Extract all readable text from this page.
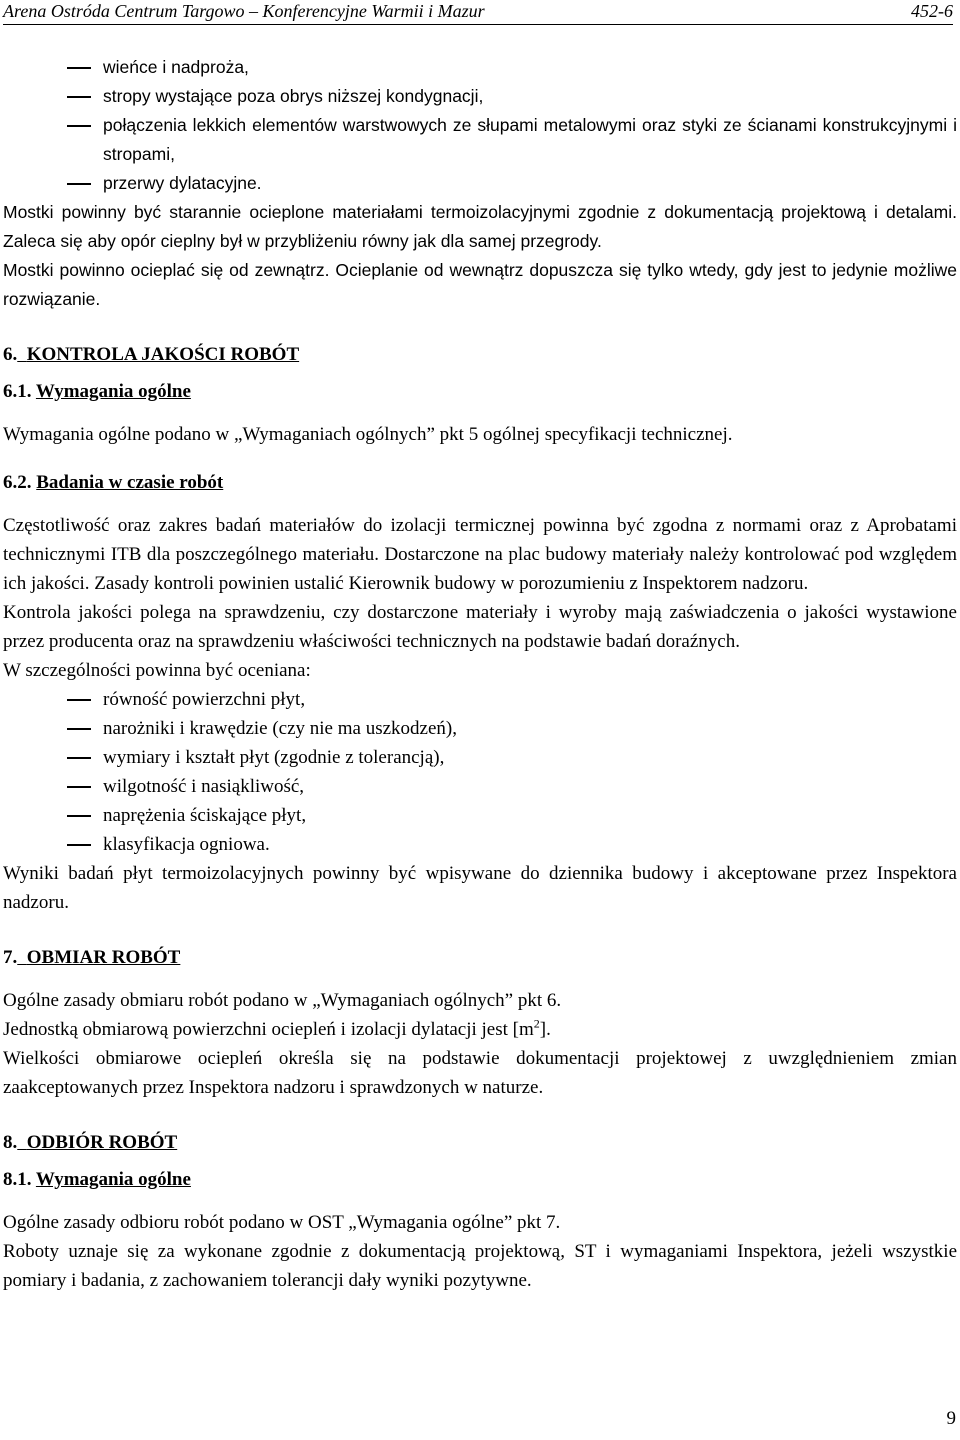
Arena Ostróda Centrum Targowo – Konferencyjne Warmii i Mazur	452-6
wieńce i nadproża,
stropy wystające poza obrys niższej kondygnacji,
połączenia lekkich elementów warstwowych ze słupami metalowymi oraz styki ze ścianami konstrukcyjnymi i stropami,
przerwy dylatacyjne.

Mostki powinny być starannie ocieplone materiałami termoizolacyjnymi zgodnie z dokumentacją projektową i detalami. Zaleca się aby opór cieplny był w przybliżeniu równy jak dla samej przegrody.

Mostki powinno ocieplać się od zewnątrz. Ocieplanie od wewnątrz dopuszcza się tylko wtedy, gdy jest to jedynie możliwe rozwiązanie.

6. KONTROLA JAKOŚCI ROBÓT
6.1. Wymagania ogólne

Wymagania ogólne podano w „Wymaganiach ogólnych” pkt 5 ogólnej specyfikacji technicznej.

6.2. Badania w czasie robót

Częstotliwość oraz zakres badań materiałów do izolacji termicznej powinna być zgodna z normami oraz z Aprobatami technicznymi ITB dla poszczególnego materiału. Dostarczone na plac budowy materiały należy kontrolować pod względem ich jakości. Zasady kontroli powinien ustalić Kierownik budowy w porozumieniu z Inspektorem nadzoru.

Kontrola jakości polega na sprawdzeniu, czy dostarczone materiały i wyroby mają zaświadczenia o jakości wystawione przez producenta oraz na sprawdzeniu właściwości technicznych na podstawie badań doraźnych.

W szczególności powinna być oceniana:

równość powierzchni płyt,
narożniki i krawędzie (czy nie ma uszkodzeń),
wymiary i kształt płyt (zgodnie z tolerancją),
wilgotność i nasiąkliwość,
naprężenia ściskające płyt,
klasyfikacja ogniowa.

Wyniki badań płyt termoizolacyjnych powinny być wpisywane do dziennika budowy i akceptowane przez Inspektora nadzoru.

7. OBMIAR ROBÓT

Ogólne zasady obmiaru robót podano w „Wymaganiach ogólnych” pkt 6.

Jednostką obmiarową powierzchni ociepleń i izolacji dylatacji jest $[m^2]$.

Wielkości obmiarowe ociepleń określa się na podstawie dokumentacji projektowej z uwzględnieniem zmian zaakceptowanych przez Inspektora nadzoru i sprawdzonych w naturze.

8. ODBIÓR ROBÓT
8.1. Wymagania ogólne

Ogólne zasady odbioru robót podano w OST „Wymagania ogólne” pkt 7.

Roboty uznaje się za wykonane zgodnie z dokumentacją projektową, ST i wymaganiami Inspektora, jeżeli wszystkie pomiary i badania, z zachowaniem tolerancji dały wyniki pozytywne.

9
